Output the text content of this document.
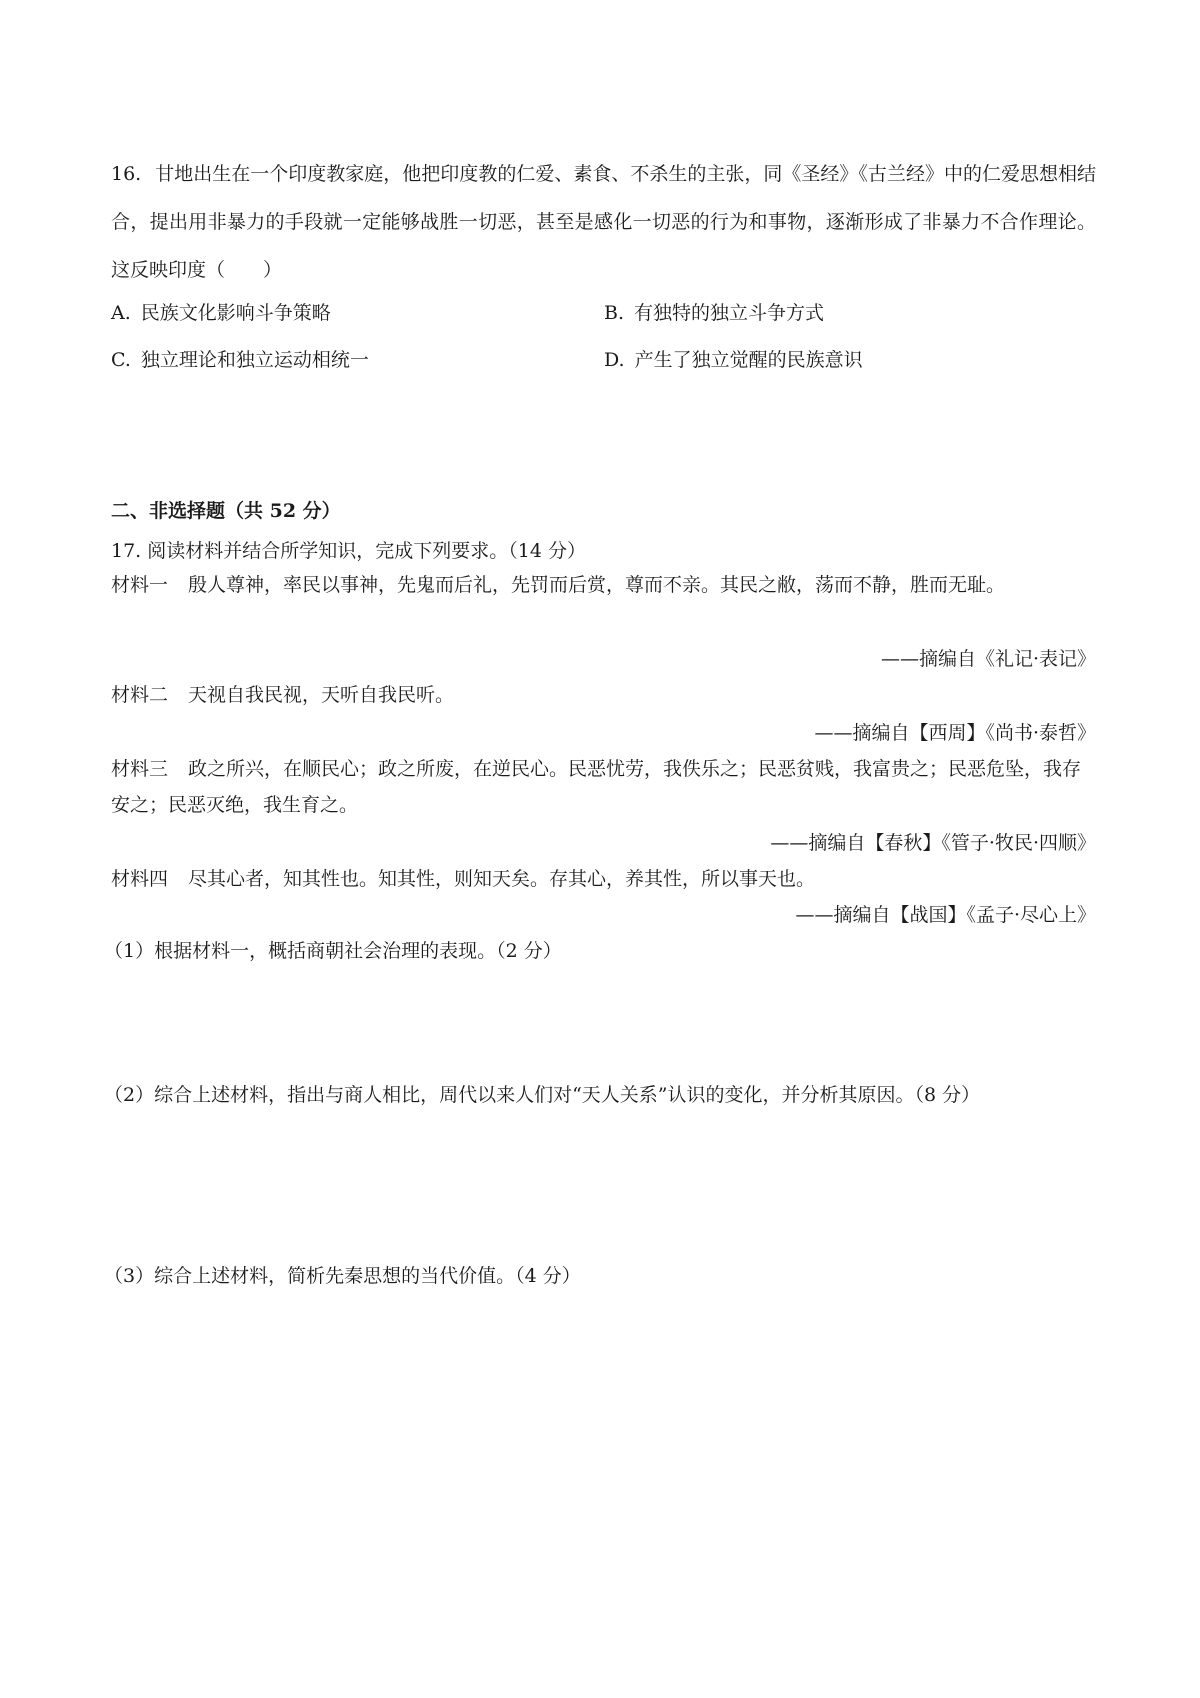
16. 甘地出生在一个印度教家庭，他把印度教的仁爱、素食、不杀生的主张，同《圣经》《古兰经》中的仁爱思想相结合，提出用非暴力的手段就一定能够战胜一切恶，甚至是感化一切恶的行为和事物，逐渐形成了非暴力不合作理论。这反映印度（　　）
A. 民族文化影响斗争策略	B. 有独特的独立斗争方式
C. 独立理论和独立运动相统一	D. 产生了独立觉醒的民族意识
二、非选择题（共 52 分）
17. 阅读材料并结合所学知识，完成下列要求。（14 分）
材料一 殷人尊神，率民以事神，先鬼而后礼，先罚而后赏，尊而不亲。其民之敝，荡而不静，胜而无耻。
——摘编自《礼记·表记》
材料二 天视自我民视，天听自我民听。
——摘编自【西周】《尚书·泰哲》
材料三 政之所兴，在顺民心；政之所废，在逆民心。民恶忧劳，我佚乐之；民恶贫贱，我富贵之；民恶危坠，我存安之；民恶灭绝，我生育之。
——摘编自【春秋】《管子·牧民·四顺》
材料四 尽其心者，知其性也。知其性，则知天矣。存其心，养其性，所以事天也。
——摘编自【战国】《孟子·尽心上》
（1）根据材料一，概括商朝社会治理的表现。（2 分）
（2）综合上述材料，指出与商人相比，周代以来人们对“天人关系”认识的变化，并分析其原因。（8 分）
（3）综合上述材料，简析先秦思想的当代价值。（4 分）
